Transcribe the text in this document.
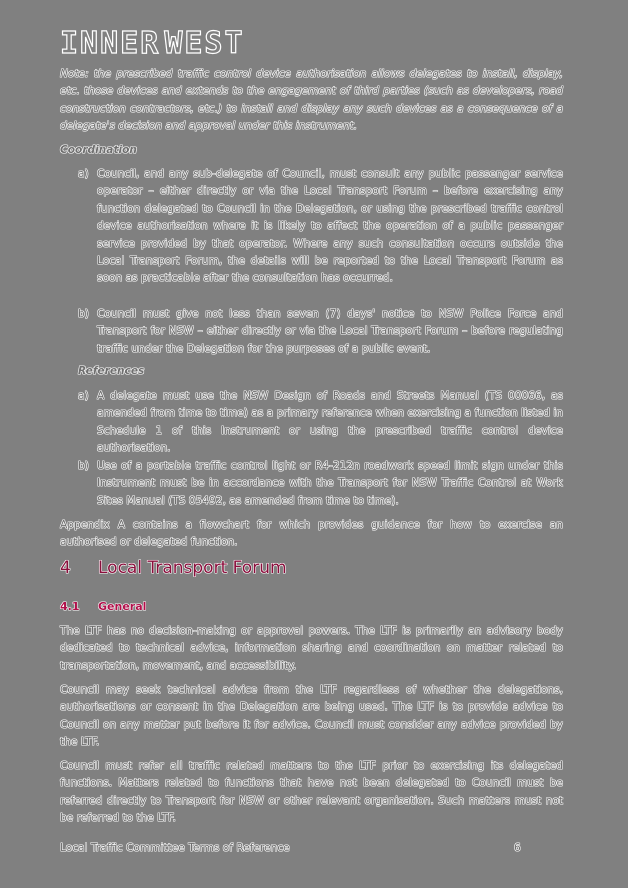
INNER WEST
Note: the prescribed traffic control device authorisation allows delegates to install, display, etc. those devices and extends to the engagement of third parties (such as developers, road construction contractors, etc.) to install and display any such devices as a consequence of a delegate's decision and approval under this instrument.
Coordination
a) Council, and any sub-delegate of Council, must consult any public passenger service operator – either directly or via the Local Transport Forum – before exercising any function delegated to Council in the Delegation, or using the prescribed traffic control device authorisation where it is likely to affect the operation of a public passenger service provided by that operator. Where any such consultation occurs outside the Local Transport Forum, the details will be reported to the Local Transport Forum as soon as practicable after the consultation has occurred.
b) Council must give not less than seven (7) days' notice to NSW Police Force and Transport for NSW – either directly or via the Local Transport Forum – before regulating traffic under the Delegation for the purposes of a public event.
References
a) A delegate must use the NSW Design of Roads and Streets Manual (TS 00066, as amended from time to time) as a primary reference when exercising a function listed in Schedule 1 of this Instrument or using the prescribed traffic control device authorisation.
b) Use of a portable traffic control light or R4-212n roadwork speed limit sign under this Instrument must be in accordance with the Transport for NSW Traffic Control at Work Sites Manual (TS 05492, as amended from time to time).
Appendix A contains a flowchart for which provides guidance for how to exercise an authorised or delegated function.
4 Local Transport Forum
4.1 General
The LTF has no decision-making or approval powers. The LTF is primarily an advisory body dedicated to technical advice, information sharing and coordination on matter related to transportation, movement, and accessibility.
Council may seek technical advice from the LTF regardless of whether the delegations, authorisations or consent in the Delegation are being used. The LTF is to provide advice to Council on any matter put before it for advice. Council must consider any advice provided by the LTF.
Council must refer all traffic related matters to the LTF prior to exercising its delegated functions. Matters related to functions that have not been delegated to Council must be referred directly to Transport for NSW or other relevant organisation. Such matters must not be referred to the LTF.
Local Traffic Committee Terms of Reference	6
